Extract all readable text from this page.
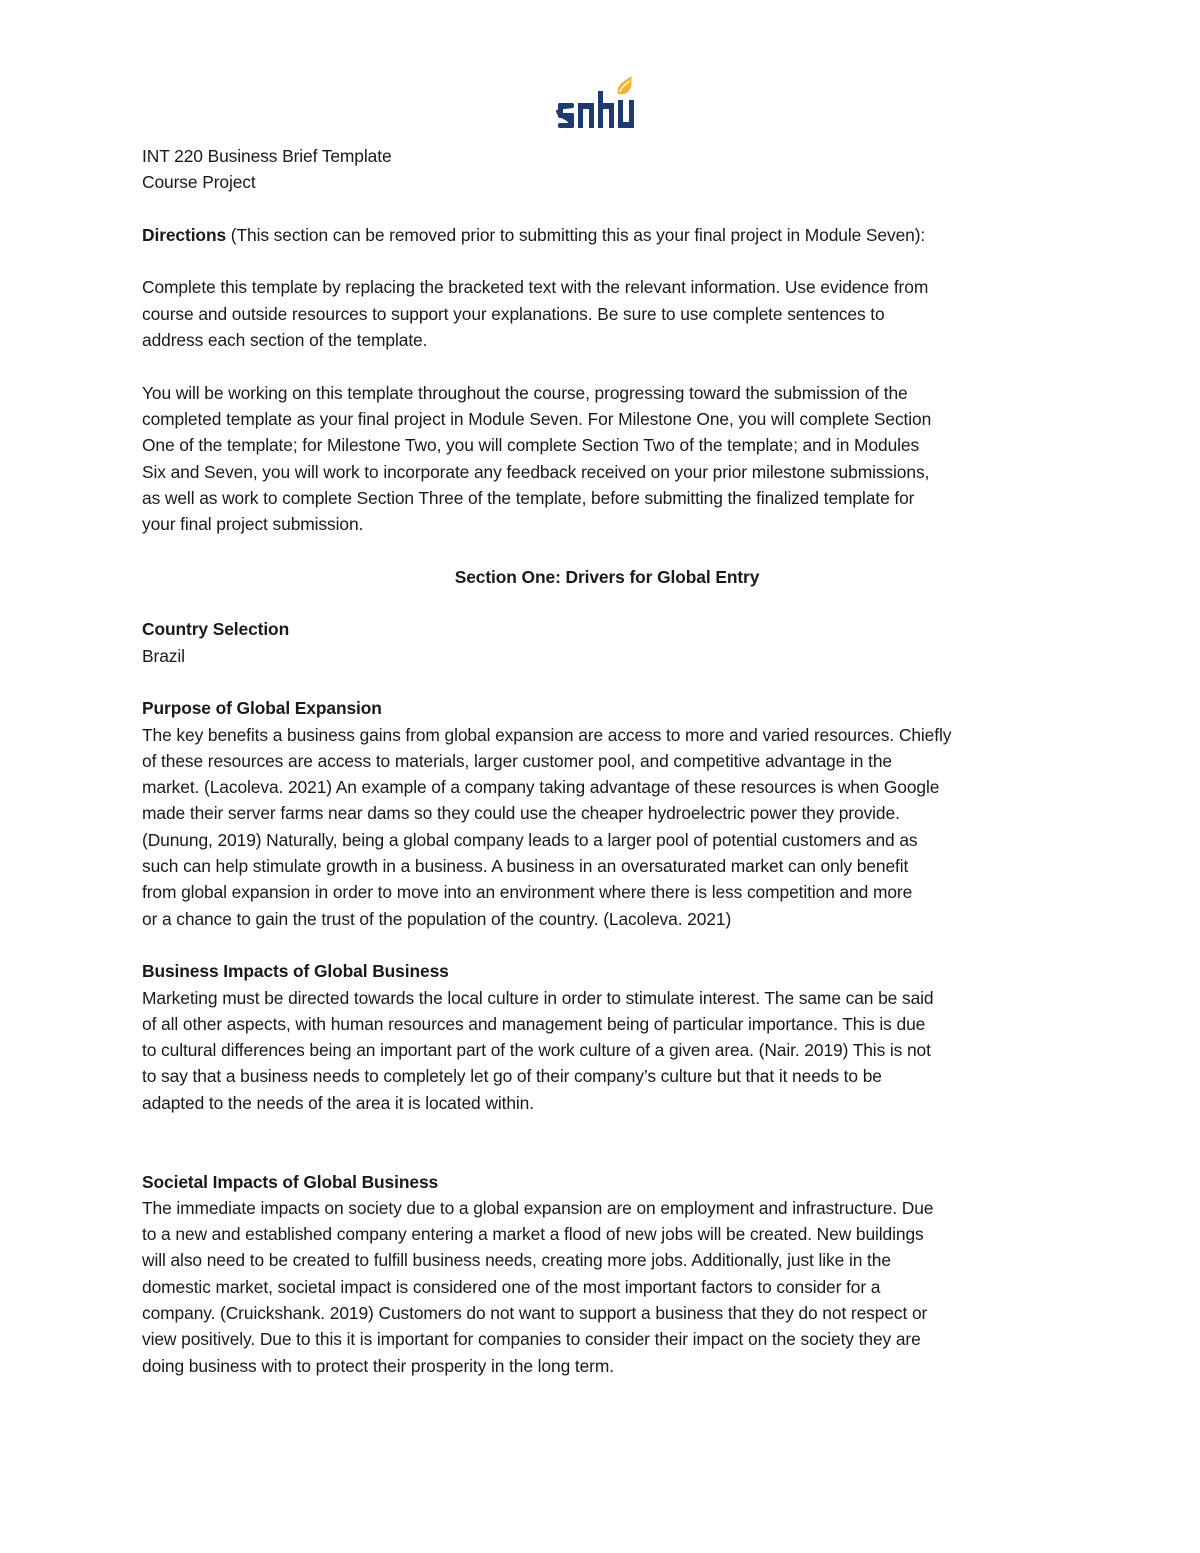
INT 220 Business Brief Template
Course Project
Directions (This section can be removed prior to submitting this as your final project in Module Seven):
Complete this template by replacing the bracketed text with the relevant information. Use evidence from
course and outside resources to support your explanations. Be sure to use complete sentences to
address each section of the template.
You will be working on this template throughout the course, progressing toward the submission of the
completed template as your final project in Module Seven. For Milestone One, you will complete Section
One of the template; for Milestone Two, you will complete Section Two of the template; and in Modules
Six and Seven, you will work to incorporate any feedback received on your prior milestone submissions,
as well as work to complete Section Three of the template, before submitting the finalized template for
your final project submission.
Section One: Drivers for Global Entry
Country Selection
Brazil
Purpose of Global Expansion
The key benefits a business gains from global expansion are access to more and varied resources. Chiefly
of these resources are access to materials, larger customer pool, and competitive advantage in the
market. (Lacoleva. 2021) An example of a company taking advantage of these resources is when Google
made their server farms near dams so they could use the cheaper hydroelectric power they provide.
(Dunung, 2019) Naturally, being a global company leads to a larger pool of potential customers and as
such can help stimulate growth in a business. A business in an oversaturated market can only benefit
from global expansion in order to move into an environment where there is less competition and more
or a chance to gain the trust of the population of the country. (Lacoleva. 2021)
Business Impacts of Global Business
Marketing must be directed towards the local culture in order to stimulate interest. The same can be said
of all other aspects, with human resources and management being of particular importance. This is due
to cultural differences being an important part of the work culture of a given area. (Nair. 2019) This is not
to say that a business needs to completely let go of their company’s culture but that it needs to be
adapted to the needs of the area it is located within.
Societal Impacts of Global Business
The immediate impacts on society due to a global expansion are on employment and infrastructure. Due
to a new and established company entering a market a flood of new jobs will be created. New buildings
will also need to be created to fulfill business needs, creating more jobs. Additionally, just like in the
domestic market, societal impact is considered one of the most important factors to consider for a
company. (Cruickshank. 2019) Customers do not want to support a business that they do not respect or
view positively. Due to this it is important for companies to consider their impact on the society they are
doing business with to protect their prosperity in the long term.
